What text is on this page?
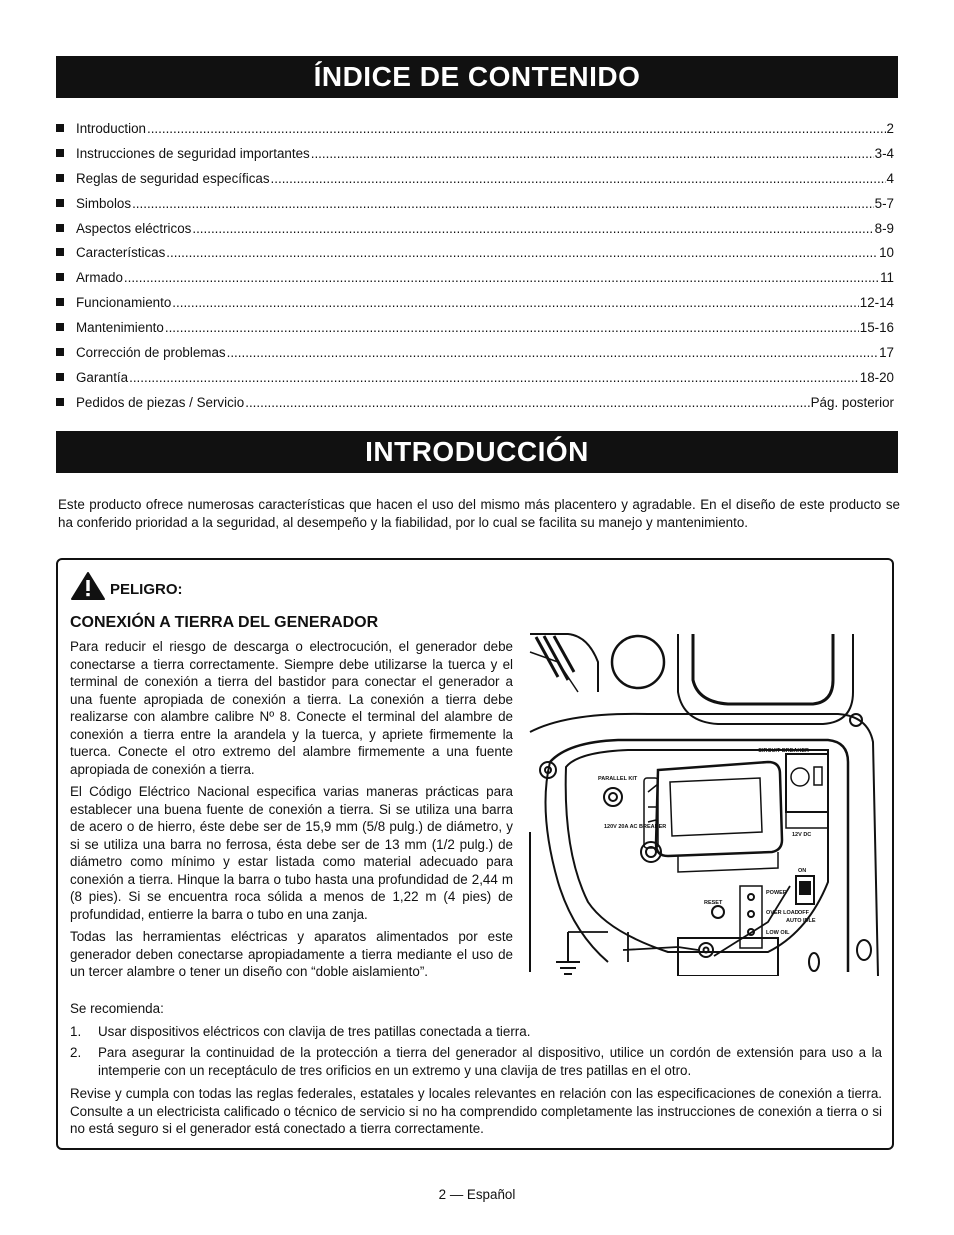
ÍNDICE DE CONTENIDO
Introduction .....	2
Instrucciones de seguridad importantes .....	3-4
Reglas de seguridad específicas .....	4
Simbolos .....	5-7
Aspectos eléctricos .....	8-9
Características .....	10
Armado .....	11
Funcionamiento .....	12-14
Mantenimiento .....	15-16
Corrección de problemas .....	17
Garantía .....	18-20
Pedidos de piezas / Servicio .....	Pág. posterior
INTRODUCCIÓN

Este producto ofrece numerosas características que hacen el uso del mismo más placentero y agradable. En el diseño de este producto se ha conferido prioridad a la seguridad, al desempeño y la fiabilidad, por lo cual se facilita su manejo y mantenimiento.

PELIGRO:
CONEXIÓN A TIERRA DEL GENERADOR

Para reducir el riesgo de descarga o electrocución, el generador debe conectarse a tierra correctamente. Siempre debe utilizarse la tuerca y el terminal de conexión a tierra del bastidor para conectar el generador a una fuente apropiada de conexión a tierra. La conexión a tierra debe realizarse con alambre calibre Nº 8. Conecte el terminal del alambre de conexión a tierra entre la arandela y la tuerca, y apriete firmemente la tuerca. Conecte el otro extremo del alambre firmemente a una fuente apropiada de conexión a tierra.

El Código Eléctrico Nacional especifica varias maneras prácticas para establecer una buena fuente de conexión a tierra. Si se utiliza una barra de acero o de hierro, éste debe ser de 15,9 mm (5/8 pulg.) de diámetro, y si se utiliza una barra no ferrosa, ésta debe ser de 13 mm (1/2 pulg.) de diámetro como mínimo y estar listada como material adecuado para conexión a tierra. Hinque la barra o tubo hasta una profundidad de 2,44 m (8 pies). Si se encuentra roca sólida a menos de 1,22 m (4 pies) de profundidad, entierre la barra o tubo en una zanja.

Todas las herramientas eléctricas y aparatos alimentados por este generador deben conectarse apropiadamente a tierra mediante el uso de un tercer alambre o tener un diseño con “doble aislamiento”.

PARALLEL KIT
120V 20A AC BREAKER
CIRCUIT BREAKER
12V DC
RESET
POWER
OVER LOAD
LOW OIL
ON
OFF
AUTO IDLE

Se recomienda:

1.	Usar dispositivos eléctricos con clavija de tres patillas conectada a tierra.
2.	Para asegurar la continuidad de la protección a tierra del generador al dispositivo, utilice un cordón de extensión para uso a la intemperie con un receptáculo de tres orificios en un extremo y una clavija de tres patillas en el otro.

Revise y cumpla con todas las reglas federales, estatales y locales relevantes en relación con las especificaciones de conexión a tierra. Consulte a un electricista calificado o técnico de servicio si no ha comprendido completamente las instrucciones de conexión a tierra o si no está seguro si el generador está conectado a tierra correctamente.

2 — Español
